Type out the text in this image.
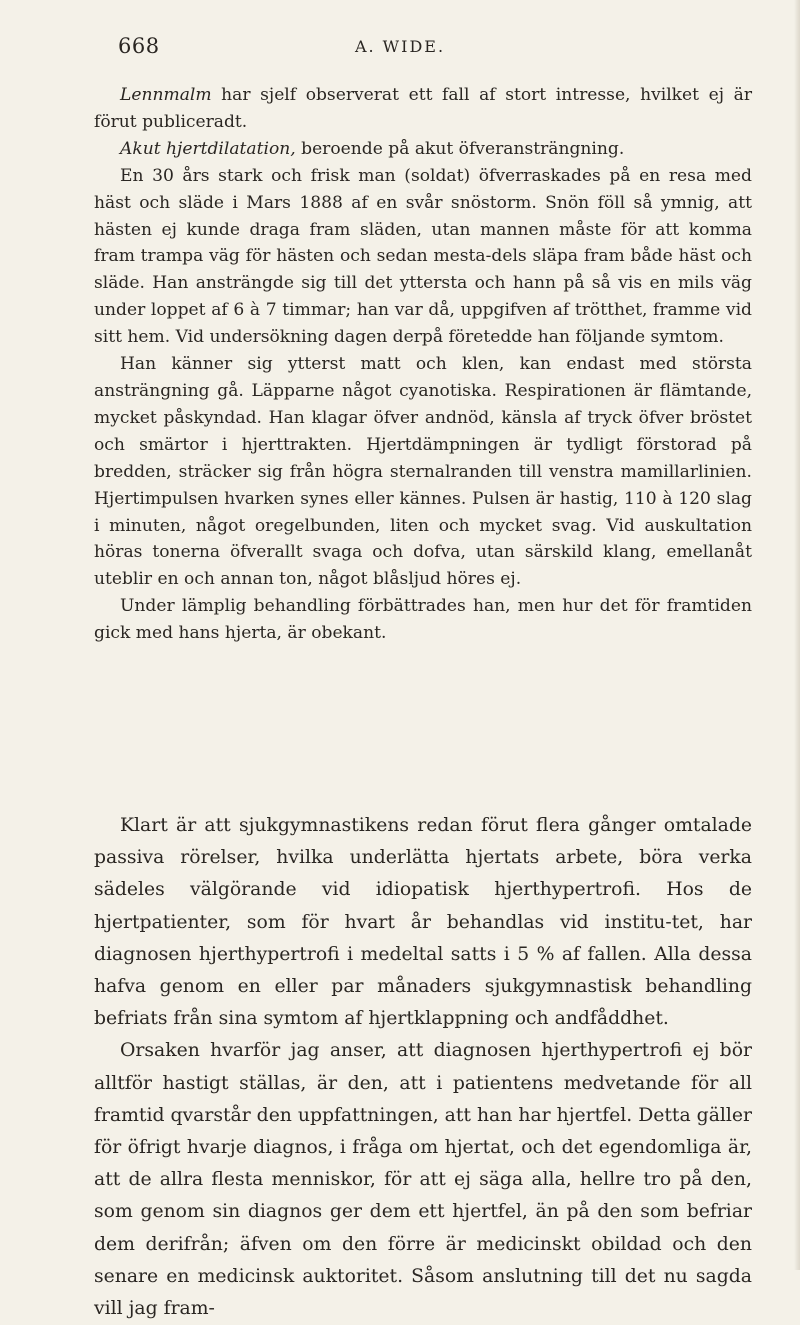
668	A. WIDE.

Lennmalm har sjelf observerat ett fall af stort intresse, hvilket ej är förut publiceradt.

Akut hjertdilatation, beroende på akut öfveransträngning.

En 30 års stark och frisk man (soldat) öfverraskades på en resa med häst och släde i Mars 1888 af en svår snöstorm. Snön föll så ymnig, att hästen ej kunde draga fram släden, utan mannen måste för att komma fram trampa väg för hästen och sedan mesta-dels släpa fram både häst och släde. Han ansträngde sig till det yttersta och hann på så vis en mils väg under loppet af 6 à 7 timmar; han var då, uppgifven af trötthet, framme vid sitt hem. Vid undersökning dagen derpå företedde han följande symtom.

Han känner sig ytterst matt och klen, kan endast med största ansträngning gå. Läpparne något cyanotiska. Respirationen är flämtande, mycket påskyndad. Han klagar öfver andnöd, känsla af tryck öfver bröstet och smärtor i hjerttrakten. Hjertdämpningen är tydligt förstorad på bredden, sträcker sig från högra sternalranden till venstra mamillarlinien. Hjertimpulsen hvarken synes eller kännes. Pulsen är hastig, 110 à 120 slag i minuten, något oregelbunden, liten och mycket svag. Vid auskultation höras tonerna öfverallt svaga och dofva, utan särskild klang, emellanåt uteblir en och annan ton, något blåsljud höres ej.

Under lämplig behandling förbättrades han, men hur det för framtiden gick med hans hjerta, är obekant.

Klart är att sjukgymnastikens redan förut flera gånger omtalade passiva rörelser, hvilka underlätta hjertats arbete, böra verka sädeles välgörande vid idiopatisk hjerthypertrofi. Hos de hjertpatienter, som för hvart år behandlas vid institu-tet, har diagnosen hjerthypertrofi i medeltal satts i 5 % af fallen. Alla dessa hafva genom en eller par månaders sjukgymnastisk behandling befriats från sina symtom af hjertklappning och andfåddhet.

Orsaken hvarför jag anser, att diagnosen hjerthypertrofi ej bör alltför hastigt ställas, är den, att i patientens medvetande för all framtid qvarstår den uppfattningen, att han har hjertfel. Detta gäller för öfrigt hvarje diagnos, i fråga om hjertat, och det egendomliga är, att de allra flesta menniskor, för att ej säga alla, hellre tro på den, som genom sin diagnos ger dem ett hjertfel, än på den som befriar dem derifrån; äfven om den förre är medicinskt obildad och den senare en medicinsk auktoritet. Såsom anslutning till det nu sagda vill jag fram-
